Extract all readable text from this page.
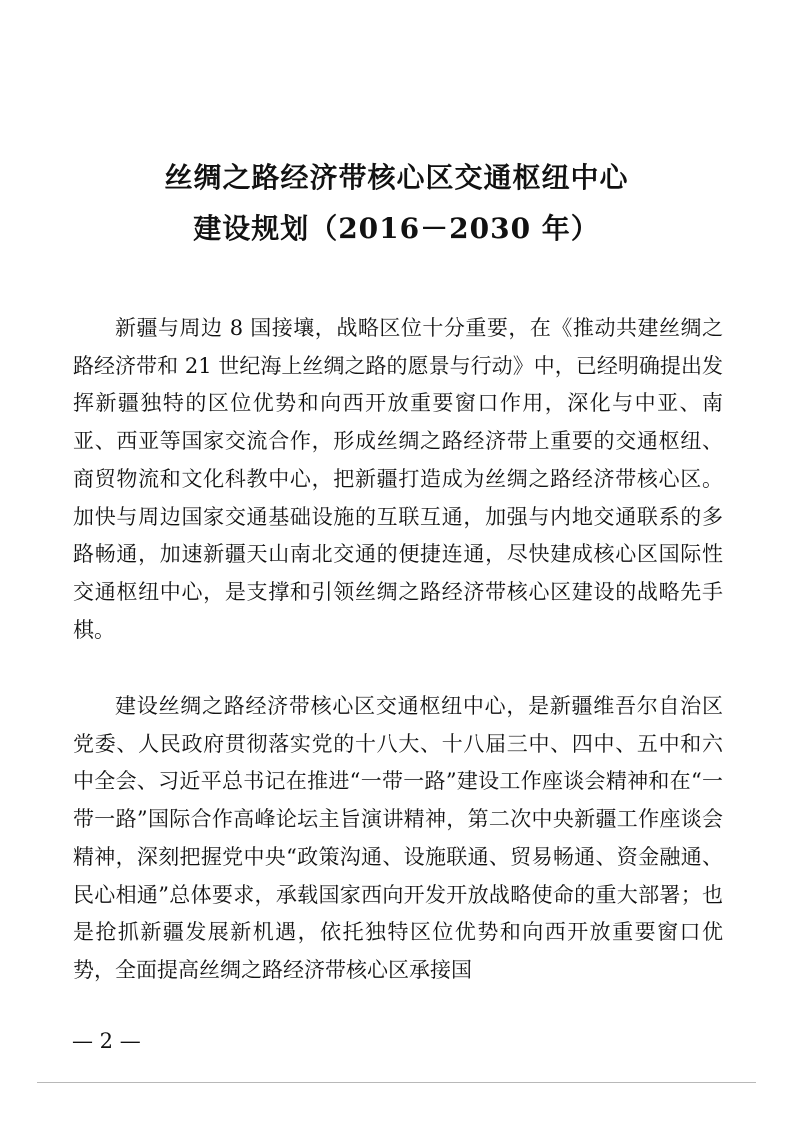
丝绸之路经济带核心区交通枢纽中心
建设规划（2016－2030 年）

新疆与周边 8 国接壤，战略区位十分重要，在《推动共建丝绸之路经济带和 21 世纪海上丝绸之路的愿景与行动》中，已经明确提出发挥新疆独特的区位优势和向西开放重要窗口作用，深化与中亚、南亚、西亚等国家交流合作，形成丝绸之路经济带上重要的交通枢纽、商贸物流和文化科教中心，把新疆打造成为丝绸之路经济带核心区。加快与周边国家交通基础设施的互联互通，加强与内地交通联系的多路畅通，加速新疆天山南北交通的便捷连通，尽快建成核心区国际性交通枢纽中心，是支撑和引领丝绸之路经济带核心区建设的战略先手棋。

建设丝绸之路经济带核心区交通枢纽中心，是新疆维吾尔自治区党委、人民政府贯彻落实党的十八大、十八届三中、四中、五中和六中全会、习近平总书记在推进“一带一路”建设工作座谈会精神和在“一带一路”国际合作高峰论坛主旨演讲精神，第二次中央新疆工作座谈会精神，深刻把握党中央“政策沟通、设施联通、贸易畅通、资金融通、民心相通”总体要求，承载国家西向开发开放战略使命的重大部署；也是抢抓新疆发展新机遇，依托独特区位优势和向西开放重要窗口优势，全面提高丝绸之路经济带核心区承接国

— 2 —
